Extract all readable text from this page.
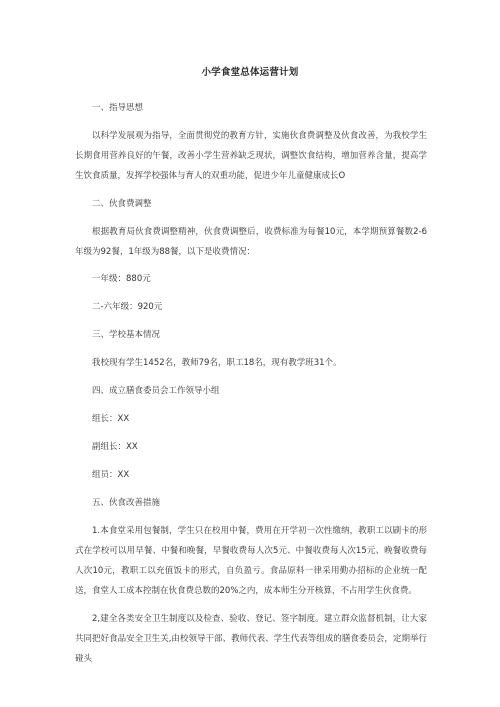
小学食堂总体运营计划
一、指导思想
以科学发展观为指导，全面贯彻党的教育方针，实施伙食费调整及伙食改善，为我校学生长期食用营养良好的午餐，改善小学生营养缺乏现状，调整饮食结构，增加营养含量，提高学生饮食质量，发挥学校强体与育人的双重功能，促进少年儿童健康成长O
二、伙食费调整
根据教育局伙食费调整精神，伙食费调整后，收费标准为每餐10元，本学期预算餐数2-6年级为92餐，1年级为88餐，以下是收费情况：
一年级：880元
二-六年级：920元
三、学校基本情况
我校现有学生1452名，教师79名，职工18名，现有教学班31个。
四、成立膳食委员会工作领导小组
组长：XX
副组长：XX
组员：XX
五、伙食改善措施
1.本食堂采用包餐制，学生只在校用中餐，费用在开学初一次性缴纳，教职工以刷卡的形式在学校可以用早餐、中餐和晚餐，早餐收费每人次5元、中餐收费每人次15元、晚餐收费每人次10元，教职工以充值饭卡的形式，自负盈亏。食品原料一律采用勤办招标的企业统一配送，食堂人工成本控制在伙食费总数的20%之内，成本师生分开核算，不占用学生伙食费。
2,建全各类安全卫生制度以及检查、验收、登记、签字制度。建立群众监督机制，让大家共同把好食品安全卫生关,由校领导干部、教师代表、学生代表等组成的膳食委员会，定期举行碰头
